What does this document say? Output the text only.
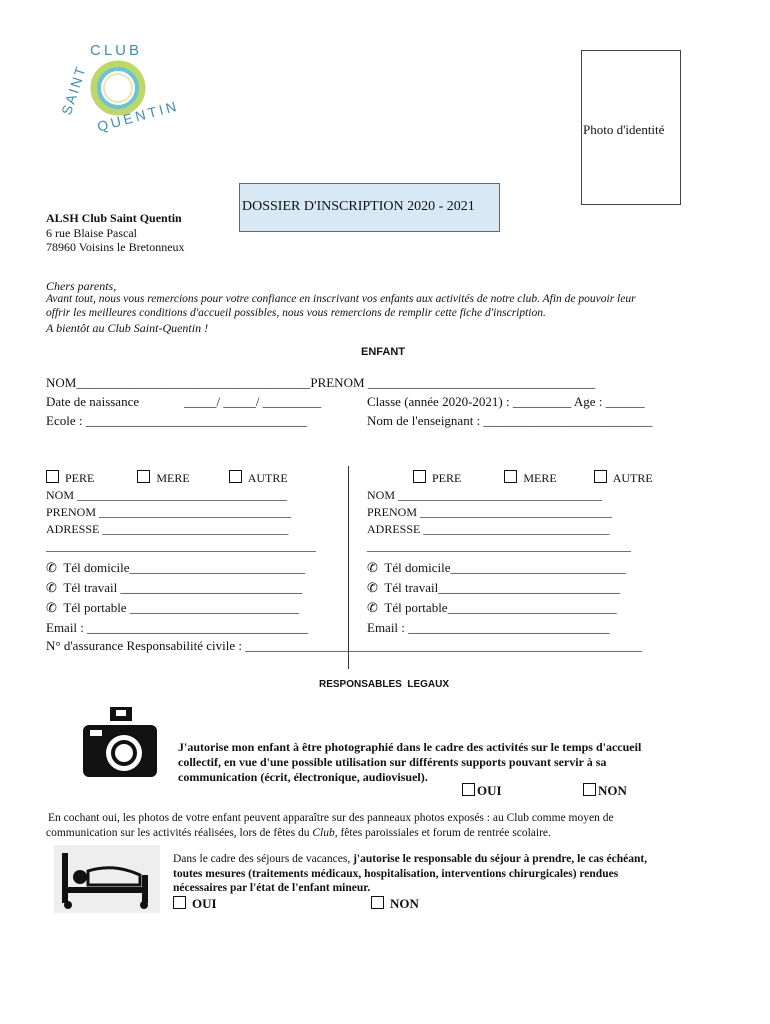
CLUB
SAINT QUENTIN	Photo d'identité
DOSSIER D'INSCRIPTION 2020 - 2021
ALSH Club Saint Quentin
6 rue Blaise Pascal
78960 Voisins le Bretonneux
Chers parents,
Avant tout, nous vous remercions pour votre confiance en inscrivant vos enfants aux activités de notre club. Afin de pouvoir leur
offrir les meilleures conditions d'accueil possibles, nous vous remercions de remplir cette fiche d'inscription.
A bientôt au Club Saint-Quentin !
ENFANT
NOM____________________________________PRENOM ___________________________________
Date de naissance	_____/ _____/ _________	Classe (année 2020-2021) : _________ Age : ______
Ecole : __________________________________	Nom de l'enseignant : __________________________
PERE	MERE	AUTRE
NOM ___________________________________
PRENOM ________________________________
ADRESSE _______________________________
_____________________________________________
✆ Tél domicile___________________________
✆ Tél travail ____________________________
✆ Tél portable __________________________
Email : __________________________________
N° d'assurance Responsabilité civile : _____________________________________________________________
PERE	MERE	AUTRE
NOM __________________________________
PRENOM ________________________________
ADRESSE _______________________________
____________________________________________
✆ Tél domicile___________________________
✆ Tél travail____________________________
✆ Tél portable__________________________
Email : _______________________________
RESPONSABLES  LEGAUX
J'autorise mon enfant à être photographié dans le cadre des activités sur le temps d'accueil
collectif, en vue d'une possible utilisation sur différents supports pouvant servir à sa
communication (écrit, électronique, audiovisuel).
OUI	NON
En cochant oui, les photos de votre enfant peuvent apparaître sur des panneaux photos exposés : au Club comme moyen de
communication sur les activités réalisées, lors de fêtes du Club, fêtes paroissiales et forum de rentrée scolaire.
Dans le cadre des séjours de vacances, j'autorise le responsable du séjour à prendre, le cas échéant,
toutes mesures (traitements médicaux, hospitalisation, interventions chirurgicales) rendues
nécessaires par l'état de l'enfant mineur.
OUI	NON
